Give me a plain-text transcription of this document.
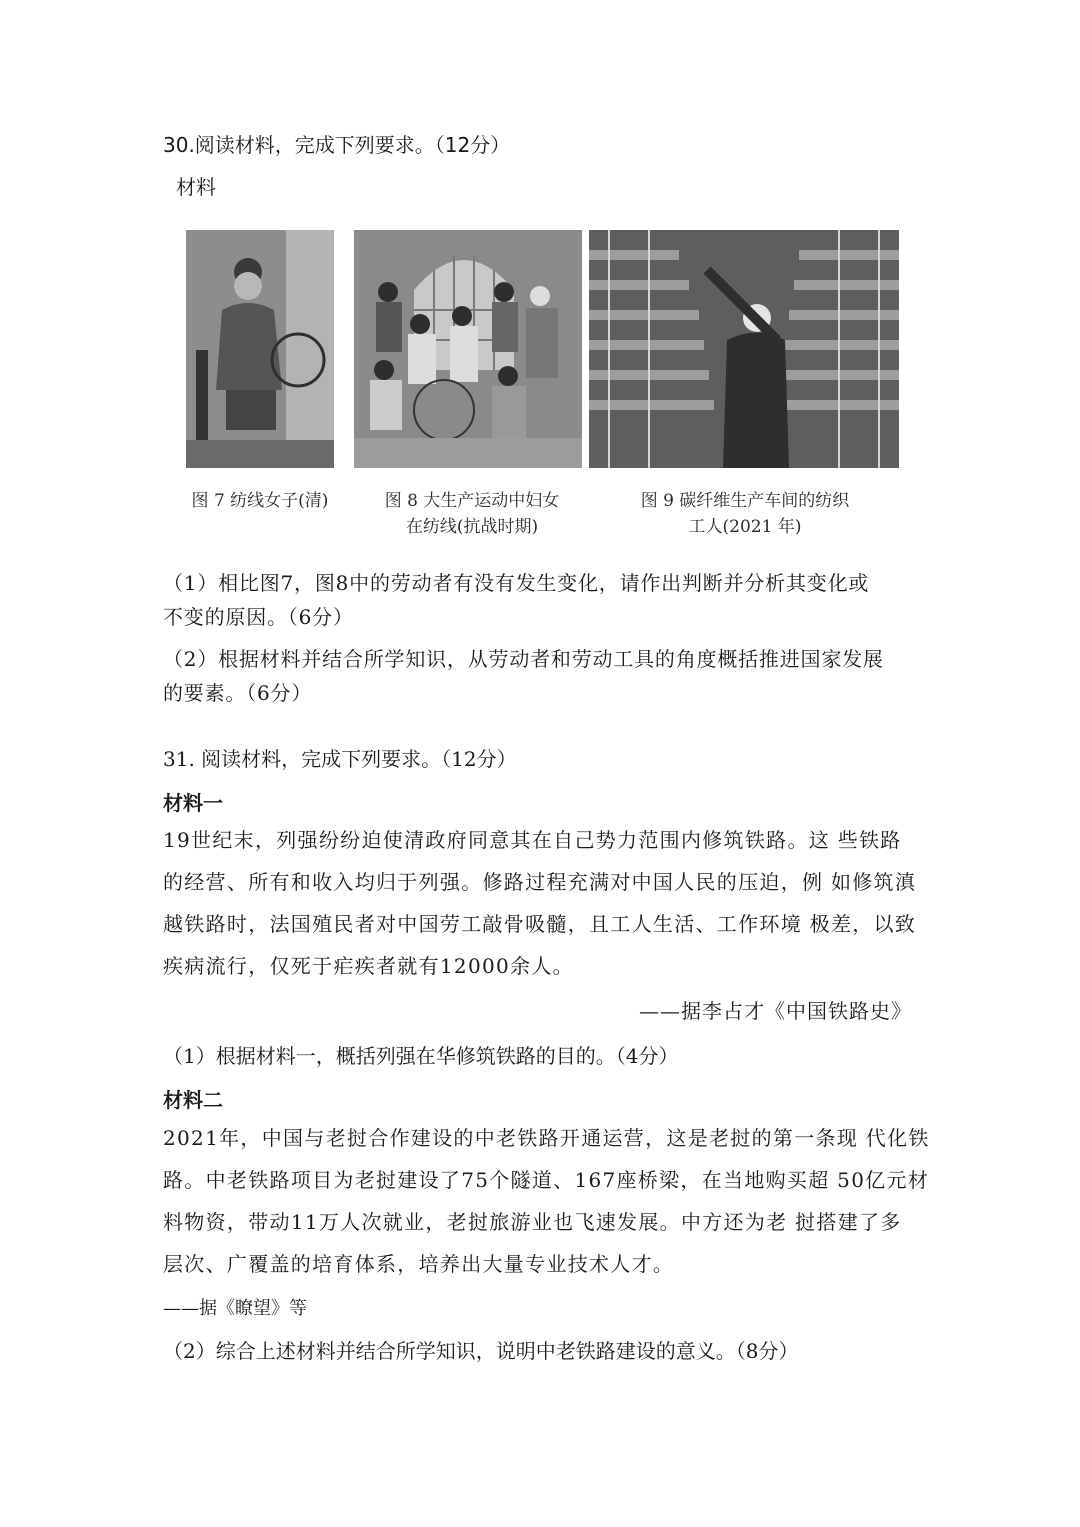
30.阅读材料，完成下列要求。（12分）
材料
图 7 纺线女子(清)	图 8 大生产运动中妇女
在纺线(抗战时期)
图 9 碳纤维生产车间的纺织
工人(2021 年)
（1）相比图7，图8中的劳动者有没有发生变化，请作出判断并分析其变化或
不变的原因。（6分）
（2）根据材料并结合所学知识，从劳动者和劳动工具的角度概括推进国家发展
的要素。（6分）
31. 阅读材料，完成下列要求。（12分）
材料一
19世纪末，列强纷纷迫使清政府同意其在自己势力范围内修筑铁路。这 些铁路
的经营、所有和收入均归于列强。修路过程充满对中国人民的压迫，例 如修筑滇
越铁路时，法国殖民者对中国劳工敲骨吸髓，且工人生活、工作环境 极差，以致
疾病流行，仅死于疟疾者就有12000余人。
——据李占才《中国铁路史》
（1）根据材料一，概括列强在华修筑铁路的目的。（4分）
材料二
2021年，中国与老挝合作建设的中老铁路开通运营，这是老挝的第一条现 代化铁
路。中老铁路项目为老挝建设了75个隧道、167座桥梁，在当地购买超 50亿元材
料物资，带动11万人次就业，老挝旅游业也飞速发展。中方还为老 挝搭建了多
层次、广覆盖的培育体系，培养出大量专业技术人才。
——据《瞭望》等
（2）综合上述材料并结合所学知识，说明中老铁路建设的意义。（8分）
